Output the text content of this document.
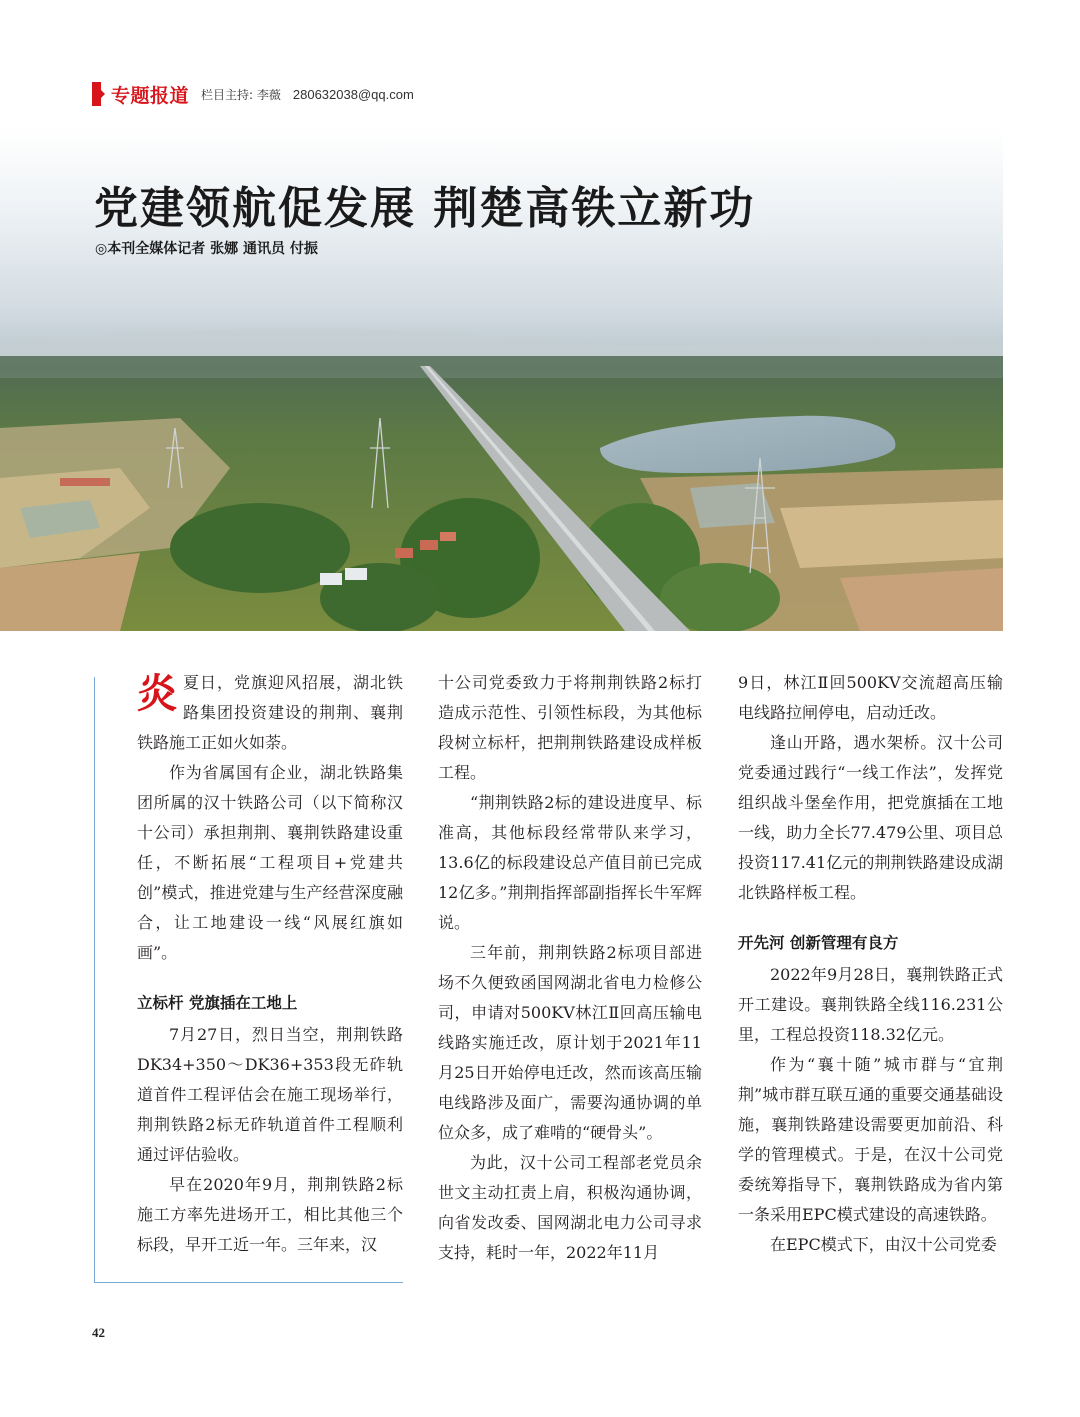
专题报道 栏目主持: 李薇 280632038@qq.com
党建领航促发展 荆楚高铁立新功
◎本刊全媒体记者 张娜 通讯员 付振

炎夏日，党旗迎风招展，湖北铁路集团投资建设的荆荆、襄荆铁路施工正如火如荼。

作为省属国有企业，湖北铁路集团所属的汉十铁路公司（以下简称汉十公司）承担荆荆、襄荆铁路建设重任，不断拓展“工程项目+党建共创”模式，推进党建与生产经营深度融合，让工地建设一线“风展红旗如画”。

立标杆 党旗插在工地上

7月27日，烈日当空，荆荆铁路DK34+350～DK36+353段无砟轨道首件工程评估会在施工现场举行，荆荆铁路2标无砟轨道首件工程顺利通过评估验收。

早在2020年9月，荆荆铁路2标施工方率先进场开工，相比其他三个标段，早开工近一年。三年来，汉

十公司党委致力于将荆荆铁路2标打造成示范性、引领性标段，为其他标段树立标杆，把荆荆铁路建设成样板工程。

“荆荆铁路2标的建设进度早、标准高，其他标段经常带队来学习，13.6亿的标段建设总产值目前已完成12亿多。”荆荆指挥部副指挥长牛军辉说。

三年前，荆荆铁路2标项目部进场不久便致函国网湖北省电力检修公司，申请对500KV林江Ⅱ回高压输电线路实施迁改，原计划于2021年11月25日开始停电迁改，然而该高压输电线路涉及面广，需要沟通协调的单位众多，成了难啃的“硬骨头”。

为此，汉十公司工程部老党员余世文主动扛责上肩，积极沟通协调，向省发改委、国网湖北电力公司寻求支持，耗时一年，2022年11月

9日，林江Ⅱ回500KV交流超高压输电线路拉闸停电，启动迁改。

逢山开路，遇水架桥。汉十公司党委通过践行“一线工作法”，发挥党组织战斗堡垒作用，把党旗插在工地一线，助力全长77.479公里、项目总投资117.41亿元的荆荆铁路建设成湖北铁路样板工程。

开先河 创新管理有良方

2022年9月28日，襄荆铁路正式开工建设。襄荆铁路全线116.231公里，工程总投资118.32亿元。

作为“襄十随”城市群与“宜荆荆”城市群互联互通的重要交通基础设施，襄荆铁路建设需要更加前沿、科学的管理模式。于是，在汉十公司党委统筹指导下，襄荆铁路成为省内第一条采用EPC模式建设的高速铁路。

在EPC模式下，由汉十公司党委

42
